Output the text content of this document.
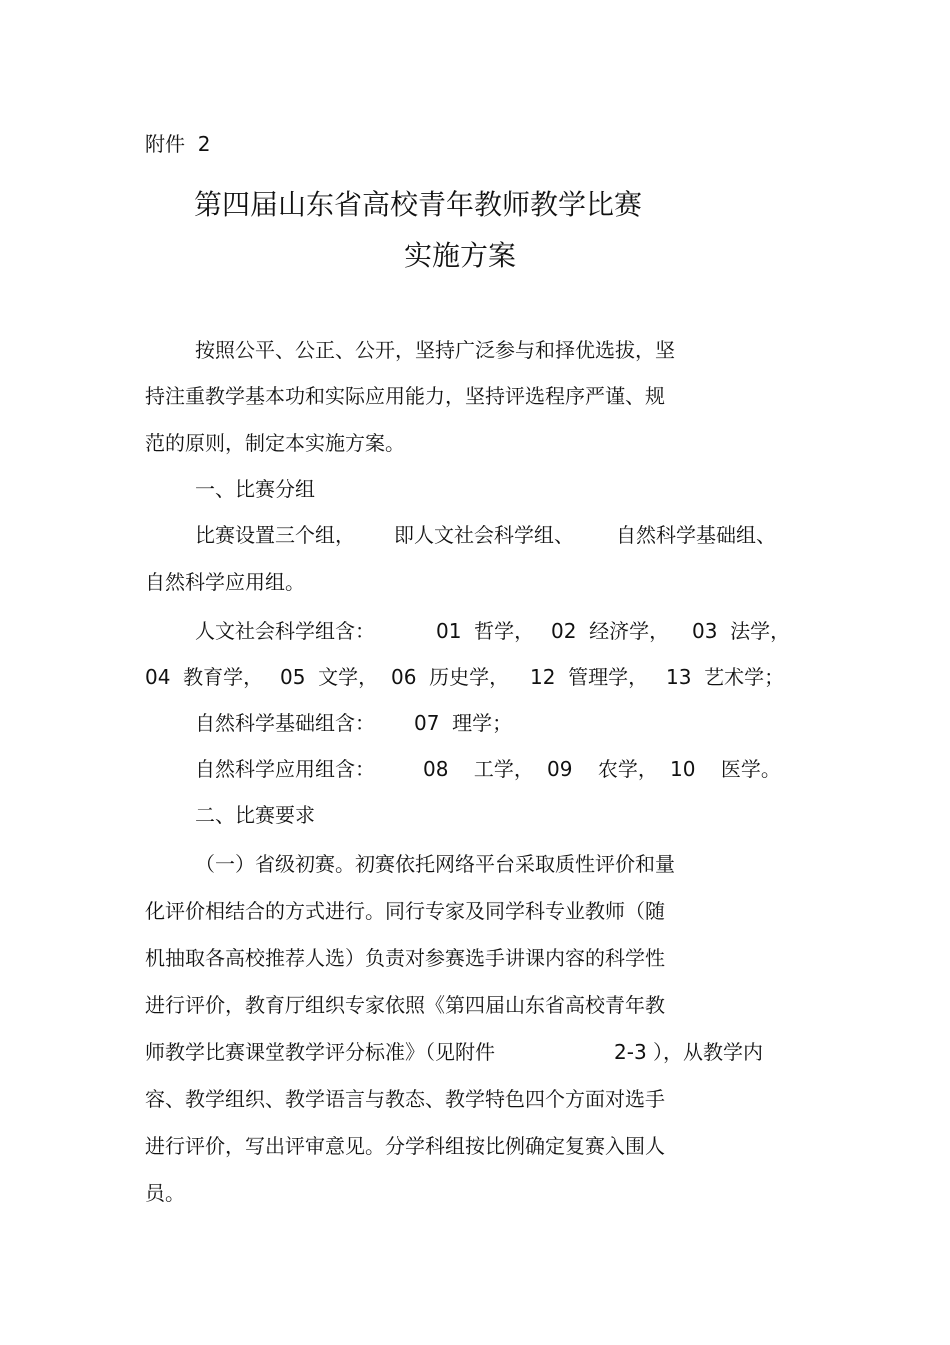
附件  2
第四届山东省高校青年教师教学比赛
实施方案
按照公平、公正、公开，坚持广泛参与和择优选拔，坚
持注重教学基本功和实际应用能力，坚持评选程序严谨、规
范的原则，制定本实施方案。
一、比赛分组
比赛设置三个组， 即人文社会科学组、 自然科学基础组、
自然科学应用组。
人文社会科学组含：	01  哲学， 02  经济学， 03  法学，
04  教育学， 05  文学， 06  历史学， 12  管理学， 13  艺术学；
自然科学基础组含： 07  理学；
自然科学应用组含： 08    工学， 09    农学， 10    医学。
二、比赛要求
（一）省级初赛。初赛依托网络平台采取质性评价和量
化评价相结合的方式进行。同行专家及同学科专业教师（随
机抽取各高校推荐人选）负责对参赛选手讲课内容的科学性
进行评价，教育厅组织专家依照《第四届山东省高校青年教
师教学比赛课堂教学评分标准》（见附件	2-3 ），从教学内
容、教学组织、教学语言与教态、教学特色四个方面对选手
进行评价，写出评审意见。分学科组按比例确定复赛入围人
员。
